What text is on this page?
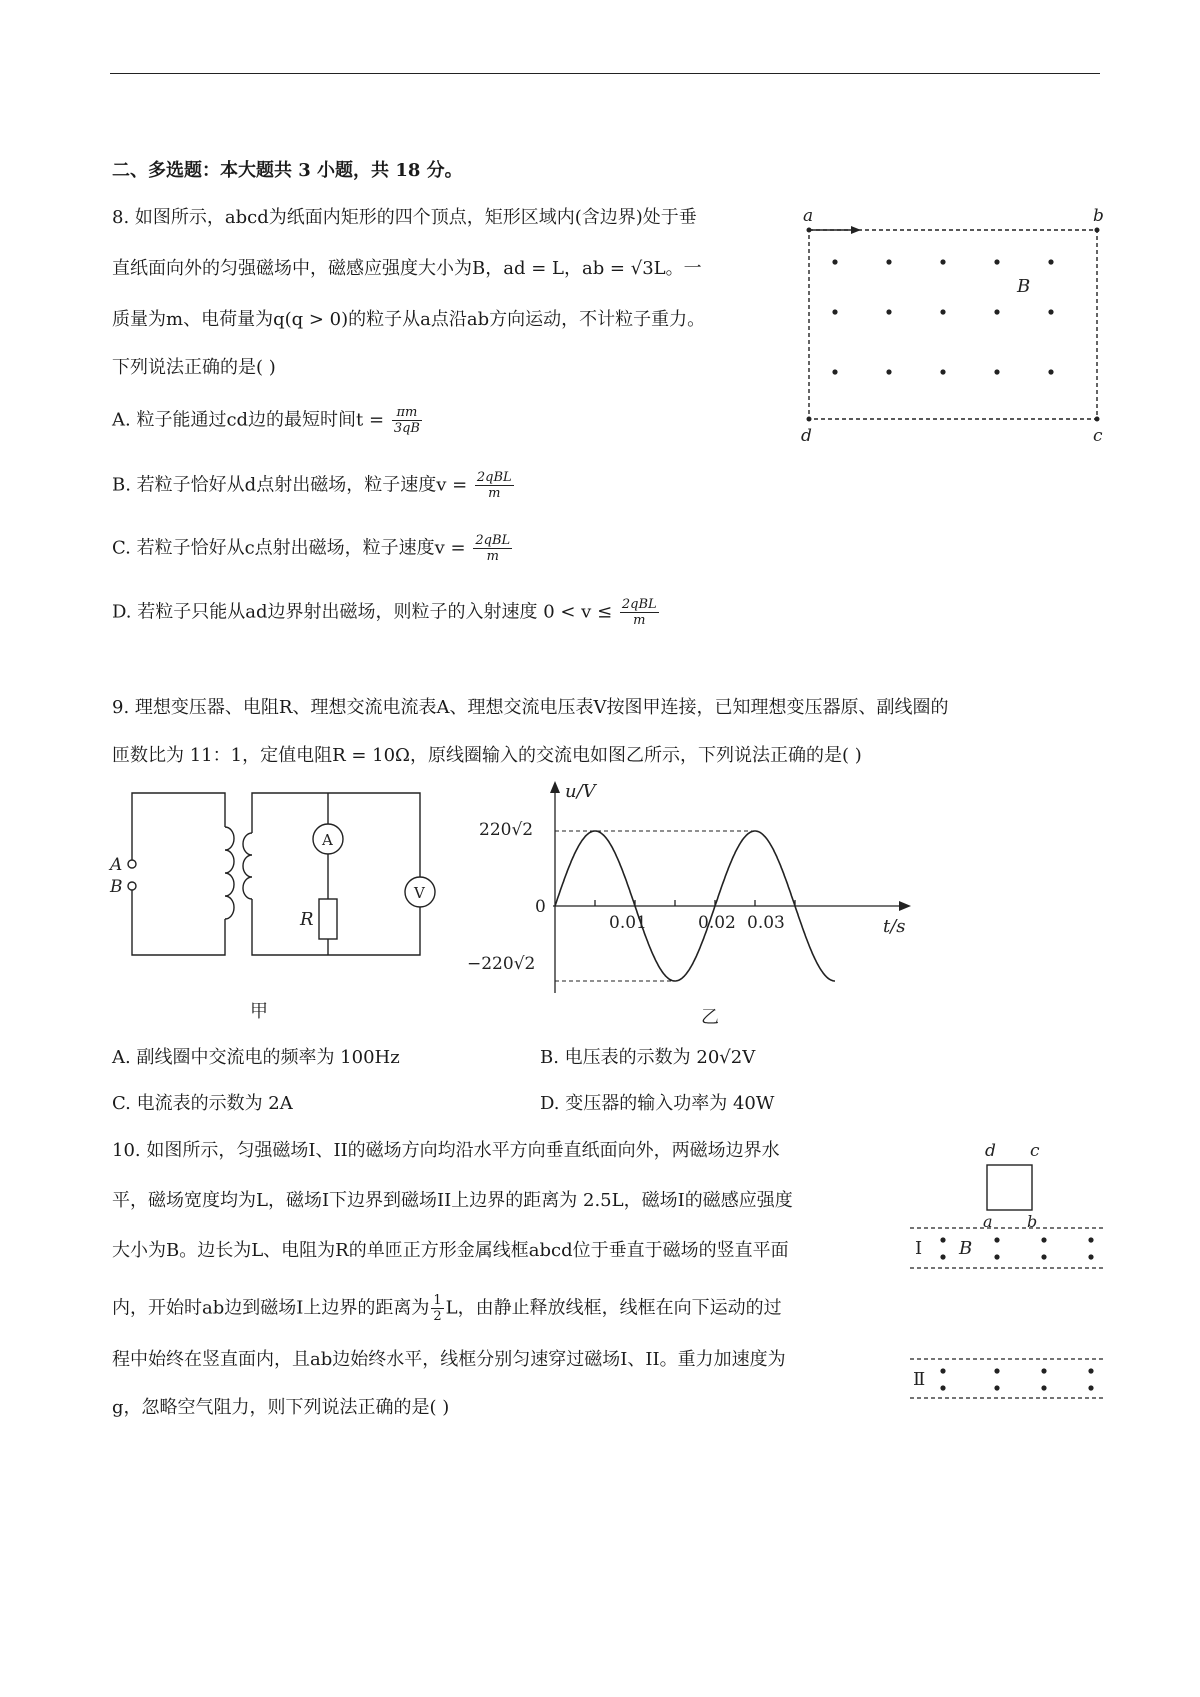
二、多选题：本大题共 3 小题，共 18 分。
8. 如图所示，abcd为纸面内矩形的四个顶点，矩形区域内(含边界)处于垂
直纸面向外的匀强磁场中，磁感应强度大小为B，ad = L，ab = √3L。一
质量为m、电荷量为q(q > 0)的粒子从a点沿ab方向运动，不计粒子重力。
下列说法正确的是( )
A. 粒子能通过cd边的最短时间$t = \frac{\pi m}{3qB}$
B. 若粒子恰好从d点射出磁场，粒子速度$v = \frac{\text{2qBL}}{m}$
C. 若粒子恰好从c点射出磁场，粒子速度$v = \frac{\text{2qBL}}{m}$
D. 若粒子只能从ad边界射出磁场，则粒子的入射速度 $0 < v \le \frac{\text{2qBL}}{m}$
a	b
d	c
B
9. 理想变压器、电阻R、理想交流电流表A、理想交流电压表V按图甲连接，已知理想变压器原、副线圈的
匝数比为 11：1，定值电阻R = 10Ω，原线圈输入的交流电如图乙所示，下列说法正确的是( )
A
B
A
V
R
甲
u/V
t/s
220√2
0
−220√2
0.01	0.02 0.03
乙
A. 副线圈中交流电的频率为 100Hz	B. 电压表的示数为 20√2V
C. 电流表的示数为 2A	D. 变压器的输入功率为 40W
10. 如图所示，匀强磁场I、II的磁场方向均沿水平方向垂直纸面向外，两磁场边界水
平，磁场宽度均为L，磁场I下边界到磁场II上边界的距离为 2.5L，磁场I的磁感应强度
大小为B。边长为L、电阻为R的单匝正方形金属线框abcd位于垂直于磁场的竖直平面
内，开始时ab边到磁场I上边界的距离为 $\frac{1}{2}$ L，由静止释放线框，线框在向下运动的过
程中始终在竖直面内，且ab边始终水平，线框分别匀速穿过磁场I、II。重力加速度为
g，忽略空气阻力，则下列说法正确的是( )
d c
a b
I B
Ⅱ
